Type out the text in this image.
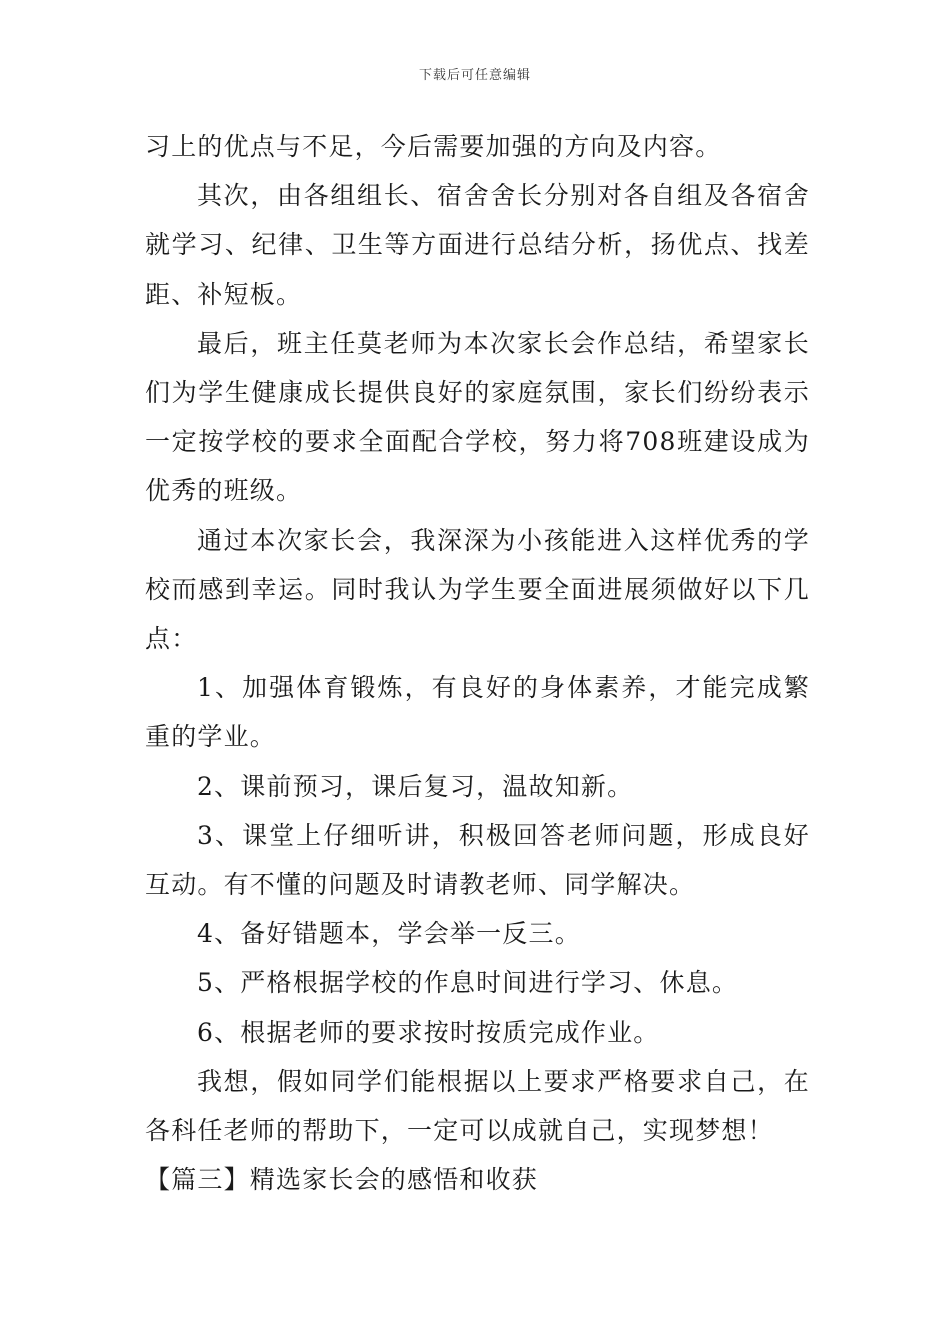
下载后可任意编辑

习上的优点与不足，今后需要加强的方向及内容。

其次，由各组组长、宿舍舍长分别对各自组及各宿舍就学习、纪律、卫生等方面进行总结分析，扬优点、找差距、补短板。

最后，班主任莫老师为本次家长会作总结，希望家长们为学生健康成长提供良好的家庭氛围，家长们纷纷表示一定按学校的要求全面配合学校，努力将708班建设成为优秀的班级。

通过本次家长会，我深深为小孩能进入这样优秀的学校而感到幸运。同时我认为学生要全面进展须做好以下几点：

1、加强体育锻炼，有良好的身体素养，才能完成繁重的学业。

2、课前预习，课后复习，温故知新。

3、课堂上仔细听讲，积极回答老师问题，形成良好互动。有不懂的问题及时请教老师、同学解决。

4、备好错题本，学会举一反三。

5、严格根据学校的作息时间进行学习、休息。

6、根据老师的要求按时按质完成作业。

我想，假如同学们能根据以上要求严格要求自己，在各科任老师的帮助下，一定可以成就自己，实现梦想！

【篇三】精选家长会的感悟和收获
